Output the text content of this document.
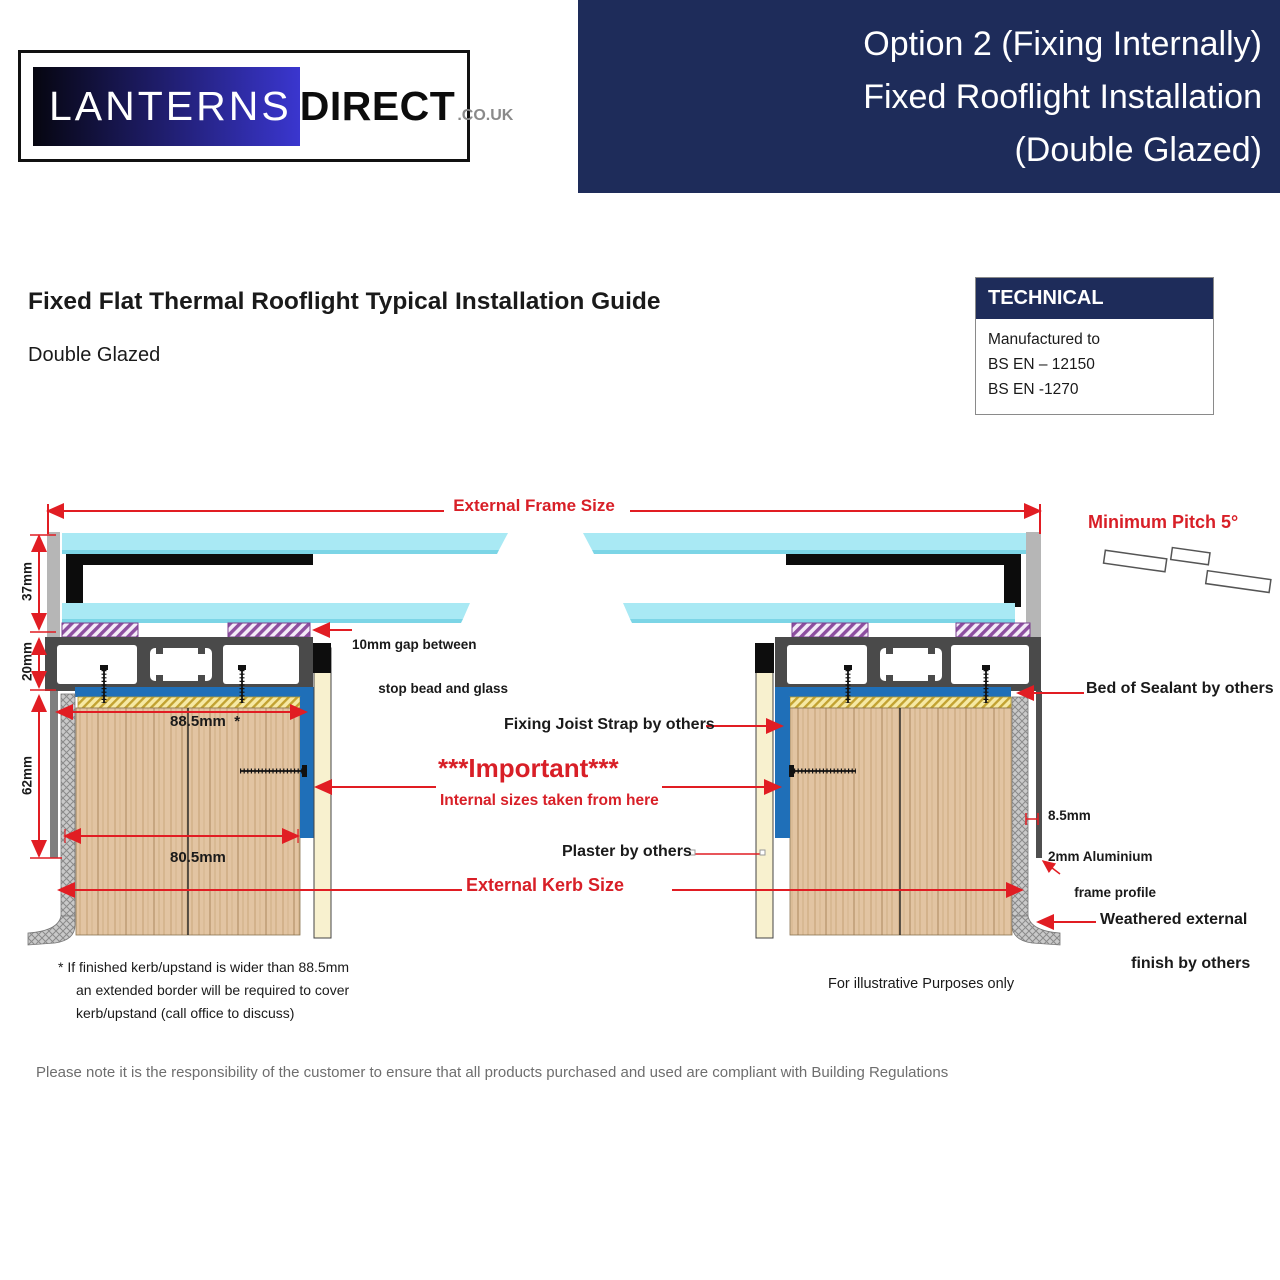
LANTERNS DIRECT .CO.UK
Option 2 (Fixing Internally)
Fixed Rooflight Installation
(Double Glazed)
Fixed Flat Thermal Rooflight Typical Installation Guide
Double Glazed
TECHNICAL
Manufactured to
BS EN – 12150
BS EN -1270
External Frame Size
Minimum Pitch 5°
37mm
20mm
62mm
10mm gap between

stop bead and glass
88.5mm  *
80.5mm
Fixing Joist Strap by others
***Important***
Internal sizes taken from here
Plaster by others
External Kerb Size
Bed of Sealant by others
8.5mm
2mm Aluminium

frame profile
Weathered external

finish by others
For illustrative Purposes only
* If finished kerb/upstand is wider than 88.5mm
an extended border will be required to cover
kerb/upstand (call office to discuss)
Please note it is the responsibility of the customer to ensure that all products purchased and used are compliant with Building Regulations
